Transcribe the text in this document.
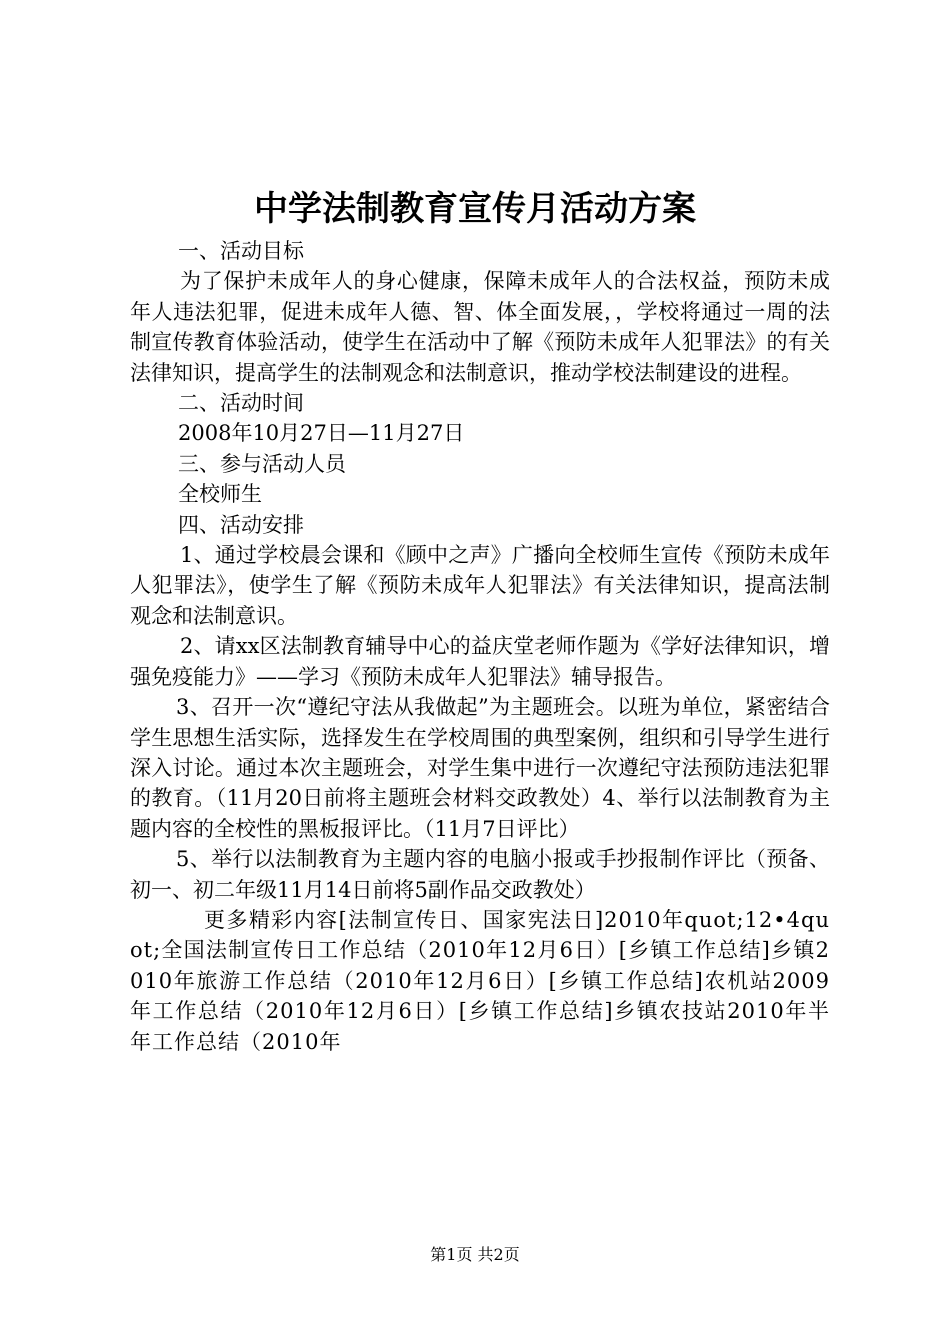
中学法制教育宣传月活动方案

一、活动目标

为了保护未成年人的身心健康，保障未成年人的合法权益，预防未成年人违法犯罪，促进未成年人德、智、体全面发展，，学校将通过一周的法制宣传教育体验活动，使学生在活动中了解《预防未成年人犯罪法》的有关法律知识，提高学生的法制观念和法制意识，推动学校法制建设的进程。

二、活动时间

2008年10月27日—11月27日

三、参与活动人员

全校师生

四、活动安排

1、通过学校晨会课和《顾中之声》广播向全校师生宣传《预防未成年人犯罪法》，使学生了解《预防未成年人犯罪法》有关法律知识，提高法制观念和法制意识。

2、请xx区法制教育辅导中心的益庆堂老师作题为《学好法律知识，增强免疫能力》——学习《预防未成年人犯罪法》辅导报告。

3、召开一次“遵纪守法从我做起”为主题班会。以班为单位，紧密结合学生思想生活实际，选择发生在学校周围的典型案例，组织和引导学生进行深入讨论。通过本次主题班会，对学生集中进行一次遵纪守法预防违法犯罪的教育。（11月20日前将主题班会材料交政教处）4、举行以法制教育为主题内容的全校性的黑板报评比。（11月7日评比）

5、举行以法制教育为主题内容的电脑小报或手抄报制作评比（预备、初一、初二年级11月14日前将5副作品交政教处）

更多精彩内容[法制宣传日、国家宪法日]2010年quot;12•4quot;全国法制宣传日工作总结（2010年12月6日）[乡镇工作总结]乡镇2010年旅游工作总结（2010年12月6日）[乡镇工作总结]农机站2009年工作总结（2010年12月6日）[乡镇工作总结]乡镇农技站2010年半年工作总结（2010年

第1页 共2页
